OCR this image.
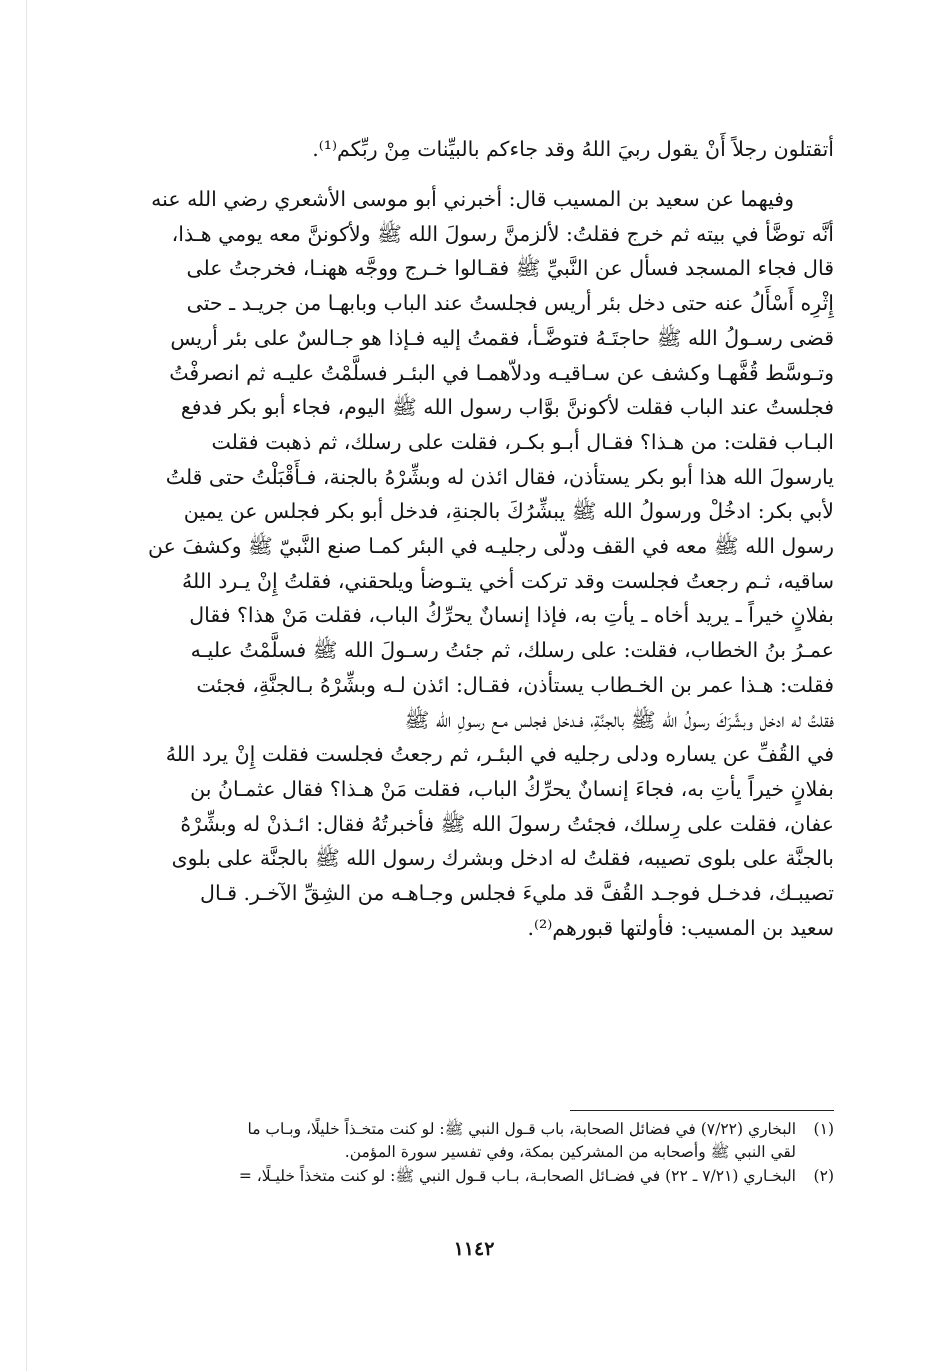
أتقتلون رجلاً أَنْ يقول ربيَ اللهُ وقد جاءكم بالبيِّنات مِنْ ربِّكم⁽¹⁾.

وفيهما عن سعيد بن المسيب قال: أخبرني أبو موسى الأشعري رضي الله عنه

أنَّه توضَّأ في بيته ثم خرج فقلتُ: لألزمنَّ رسولَ الله ﷺ ولأكوننَّ معه يومي هـذا،

قال فجاء المسجد فسأل عن النَّبيِّ ﷺ فقـالوا خـرج ووجَّه ههنـا، فخرجتُ على

إِثْرِه أَسْأَلُ عنه حتى دخل بئر أريس فجلستُ عند الباب وبابهـا من جريـد ـ حتى

قضى رسـولُ الله ﷺ حاجتَـهُ فتوضَّـأ، فقمتُ إليه فـإذا هو جـالسٌ على بئر أريس

وتـوسَّط قُفَّهـا وكشف عن سـاقيـه ودلاّهمـا في البئـر فسلَّمْتُ عليـه ثم انصرفْتُ

فجلستُ عند الباب فقلت لأكوننَّ بوَّاب رسول الله ﷺ اليوم، فجاء أبو بكر فدفع

البـاب فقلت: من هـذا؟ فقـال أبـو بكـر، فقلت على رسلك، ثم ذهبت فقلت

يارسولَ الله هذا أبو بكر يستأذن، فقال ائذن له وبشِّرْهُ بالجنة، فـأَقْبَلْتُ حتى قلتُ

لأبي بكر: ادخُلْ ورسولُ الله ﷺ يبشِّرُكَ بالجنةِ، فدخل أبو بكر فجلس عن يمين

رسول الله ﷺ معه في القف ودلّى رجليـه في البئر كمـا صنع النَّبيّ ﷺ وكشفَ عن

ساقيه، ثـم رجعتُ فجلست وقد تركت أخي يتـوضأ ويلحقني، فقلتُ إِنْ يـرد اللهُ

بفلانٍ خيراً ـ يريد أخاه ـ يأتِ به، فإذا إنسانٌ يحرِّكُ الباب، فقلت مَنْ هذا؟ فقال

عمـرُ بنُ الخطاب، فقلت: على رسلك، ثم جئتُ رسـولَ الله ﷺ فسلَّمْتُ عليـه

فقلت: هـذا عمر بن الخـطاب يستأذن، فقـال: ائذن لـه وبشِّرْهُ بـالجنَّةِ، فجئت

فقلتُ له ادخل وبشَّرَكَ رسولُ الله ﷺ بالجنَّةِ، فـدخل فجلس مـع رسولِ الله ﷺ

في القُفِّ عن يساره ودلى رجليه في البئـر، ثم رجعتُ فجلست فقلت إِنْ يرد اللهُ

بفلانٍ خيراً يأتِ به، فجاءَ إنسانٌ يحرِّكُ الباب، فقلت مَنْ هـذا؟ فقال عثمـانُ بن

عفان، فقلت على رِسلك، فجئتُ رسولَ الله ﷺ فأخبرتُهُ فقال: ائـذنْ له وبشِّرْهُ

بالجنَّة على بلوى تصيبه، فقلتُ له ادخل وبشرك رسول الله ﷺ بالجنَّة على بلوى

تصيبـك، فدخـل فوجـد القُفَّ قد مليءَ فجلس وجـاهـه من الشِقِّ الآخـر. قـال

سعيد بن المسيب: فأولتها قبورهم⁽²⁾.

(١)
البخاري (٧/٢٢) في فضائل الصحابة، باب قـول النبي ﷺ: لو كنت متخـذاً خليلًا، وبـاب ما
لقي النبي ﷺ وأصحابه من المشركين بمكة، وفي تفسير سورة المؤمن.
(٢)
البخـاري (٧/٢١ ـ ٢٢) في فضـائل الصحابـة، بـاب قـول النبي ﷺ: لو كنت متخذاً خليـلًا، =
١١٤٢
